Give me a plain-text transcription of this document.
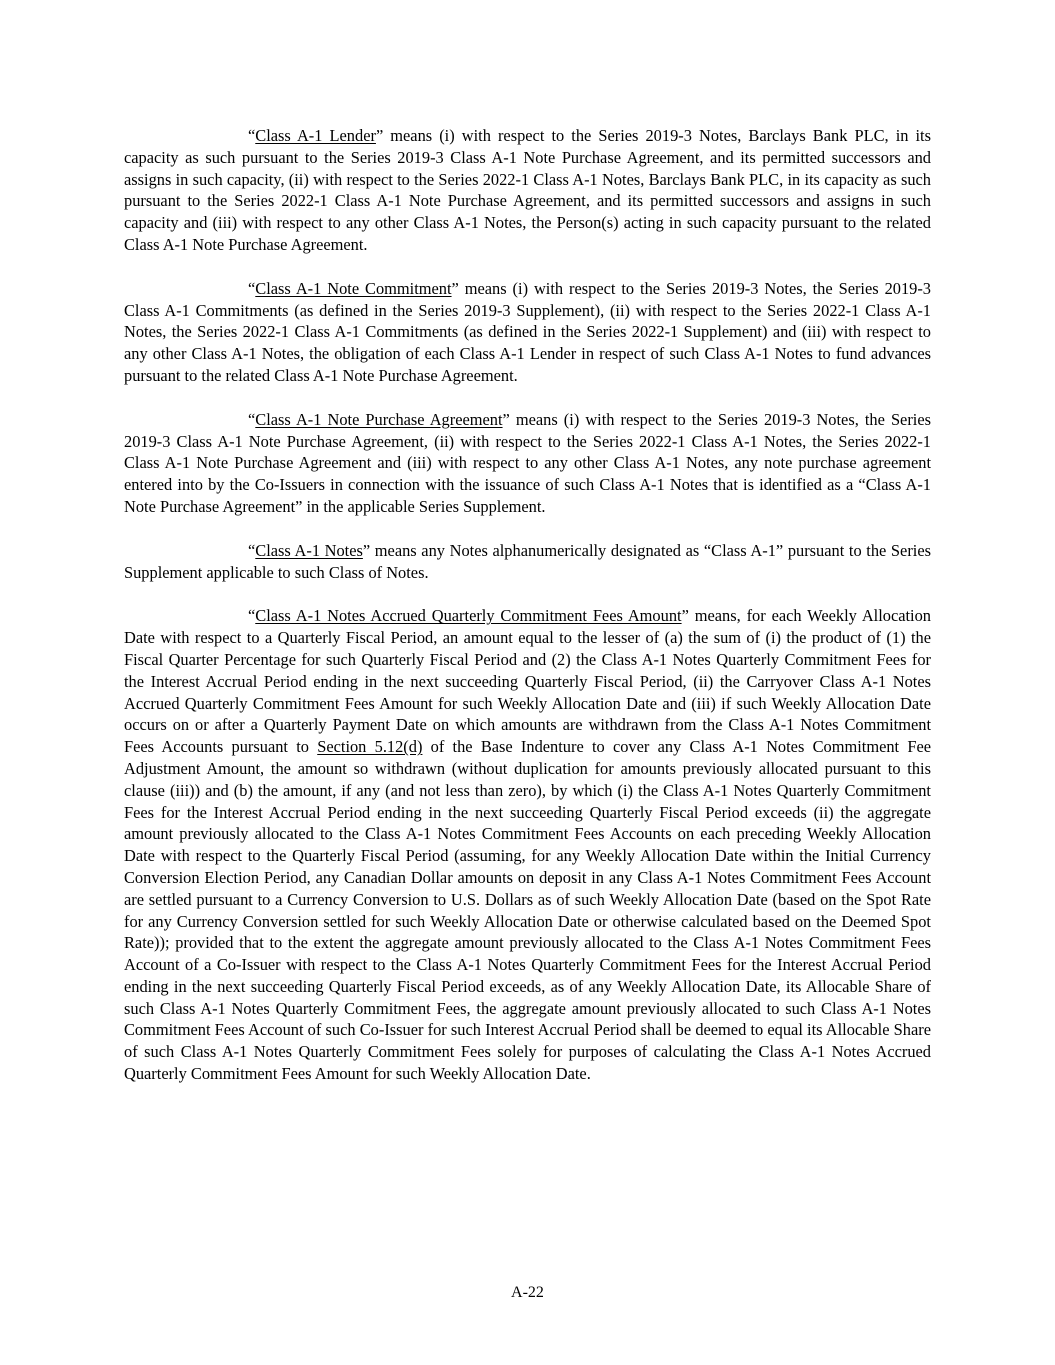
“Class A-1 Lender” means (i) with respect to the Series 2019-3 Notes, Barclays Bank PLC, in its capacity as such pursuant to the Series 2019-3 Class A-1 Note Purchase Agreement, and its permitted successors and assigns in such capacity, (ii) with respect to the Series 2022-1 Class A-1 Notes, Barclays Bank PLC, in its capacity as such pursuant to the Series 2022-1 Class A-1 Note Purchase Agreement, and its permitted successors and assigns in such capacity and (iii) with respect to any other Class A-1 Notes, the Person(s) acting in such capacity pursuant to the related Class A-1 Note Purchase Agreement.

“Class A-1 Note Commitment” means (i) with respect to the Series 2019-3 Notes, the Series 2019-3 Class A-1 Commitments (as defined in the Series 2019-3 Supplement), (ii) with respect to the Series 2022-1 Class A-1 Notes, the Series 2022-1 Class A-1 Commitments (as defined in the Series 2022-1 Supplement) and (iii) with respect to any other Class A-1 Notes, the obligation of each Class A-1 Lender in respect of such Class A-1 Notes to fund advances pursuant to the related Class A-1 Note Purchase Agreement.

“Class A-1 Note Purchase Agreement” means (i) with respect to the Series 2019-3 Notes, the Series 2019-3 Class A-1 Note Purchase Agreement, (ii) with respect to the Series 2022-1 Class A-1 Notes, the Series 2022-1 Class A-1 Note Purchase Agreement and (iii) with respect to any other Class A-1 Notes, any note purchase agreement entered into by the Co-Issuers in connection with the issuance of such Class A-1 Notes that is identified as a “Class A-1 Note Purchase Agreement” in the applicable Series Supplement.

“Class A-1 Notes” means any Notes alphanumerically designated as “Class A-1” pursuant to the Series Supplement applicable to such Class of Notes.

“Class A-1 Notes Accrued Quarterly Commitment Fees Amount” means, for each Weekly Allocation Date with respect to a Quarterly Fiscal Period, an amount equal to the lesser of (a) the sum of (i) the product of (1) the Fiscal Quarter Percentage for such Quarterly Fiscal Period and (2) the Class A-1 Notes Quarterly Commitment Fees for the Interest Accrual Period ending in the next succeeding Quarterly Fiscal Period, (ii) the Carryover Class A-1 Notes Accrued Quarterly Commitment Fees Amount for such Weekly Allocation Date and (iii) if such Weekly Allocation Date occurs on or after a Quarterly Payment Date on which amounts are withdrawn from the Class A-1 Notes Commitment Fees Accounts pursuant to Section 5.12(d) of the Base Indenture to cover any Class A-1 Notes Commitment Fee Adjustment Amount, the amount so withdrawn (without duplication for amounts previously allocated pursuant to this clause (iii)) and (b) the amount, if any (and not less than zero), by which (i) the Class A-1 Notes Quarterly Commitment Fees for the Interest Accrual Period ending in the next succeeding Quarterly Fiscal Period exceeds (ii) the aggregate amount previously allocated to the Class A-1 Notes Commitment Fees Accounts on each preceding Weekly Allocation Date with respect to the Quarterly Fiscal Period (assuming, for any Weekly Allocation Date within the Initial Currency Conversion Election Period, any Canadian Dollar amounts on deposit in any Class A-1 Notes Commitment Fees Account are settled pursuant to a Currency Conversion to U.S. Dollars as of such Weekly Allocation Date (based on the Spot Rate for any Currency Conversion settled for such Weekly Allocation Date or otherwise calculated based on the Deemed Spot Rate)); provided that to the extent the aggregate amount previously allocated to the Class A-1 Notes Commitment Fees Account of a Co-Issuer with respect to the Class A-1 Notes Quarterly Commitment Fees for the Interest Accrual Period ending in the next succeeding Quarterly Fiscal Period exceeds, as of any Weekly Allocation Date, its Allocable Share of such Class A-1 Notes Quarterly Commitment Fees, the aggregate amount previously allocated to such Class A-1 Notes Commitment Fees Account of such Co-Issuer for such Interest Accrual Period shall be deemed to equal its Allocable Share of such Class A-1 Notes Quarterly Commitment Fees solely for purposes of calculating the Class A-1 Notes Accrued Quarterly Commitment Fees Amount for such Weekly Allocation Date.

A-22
